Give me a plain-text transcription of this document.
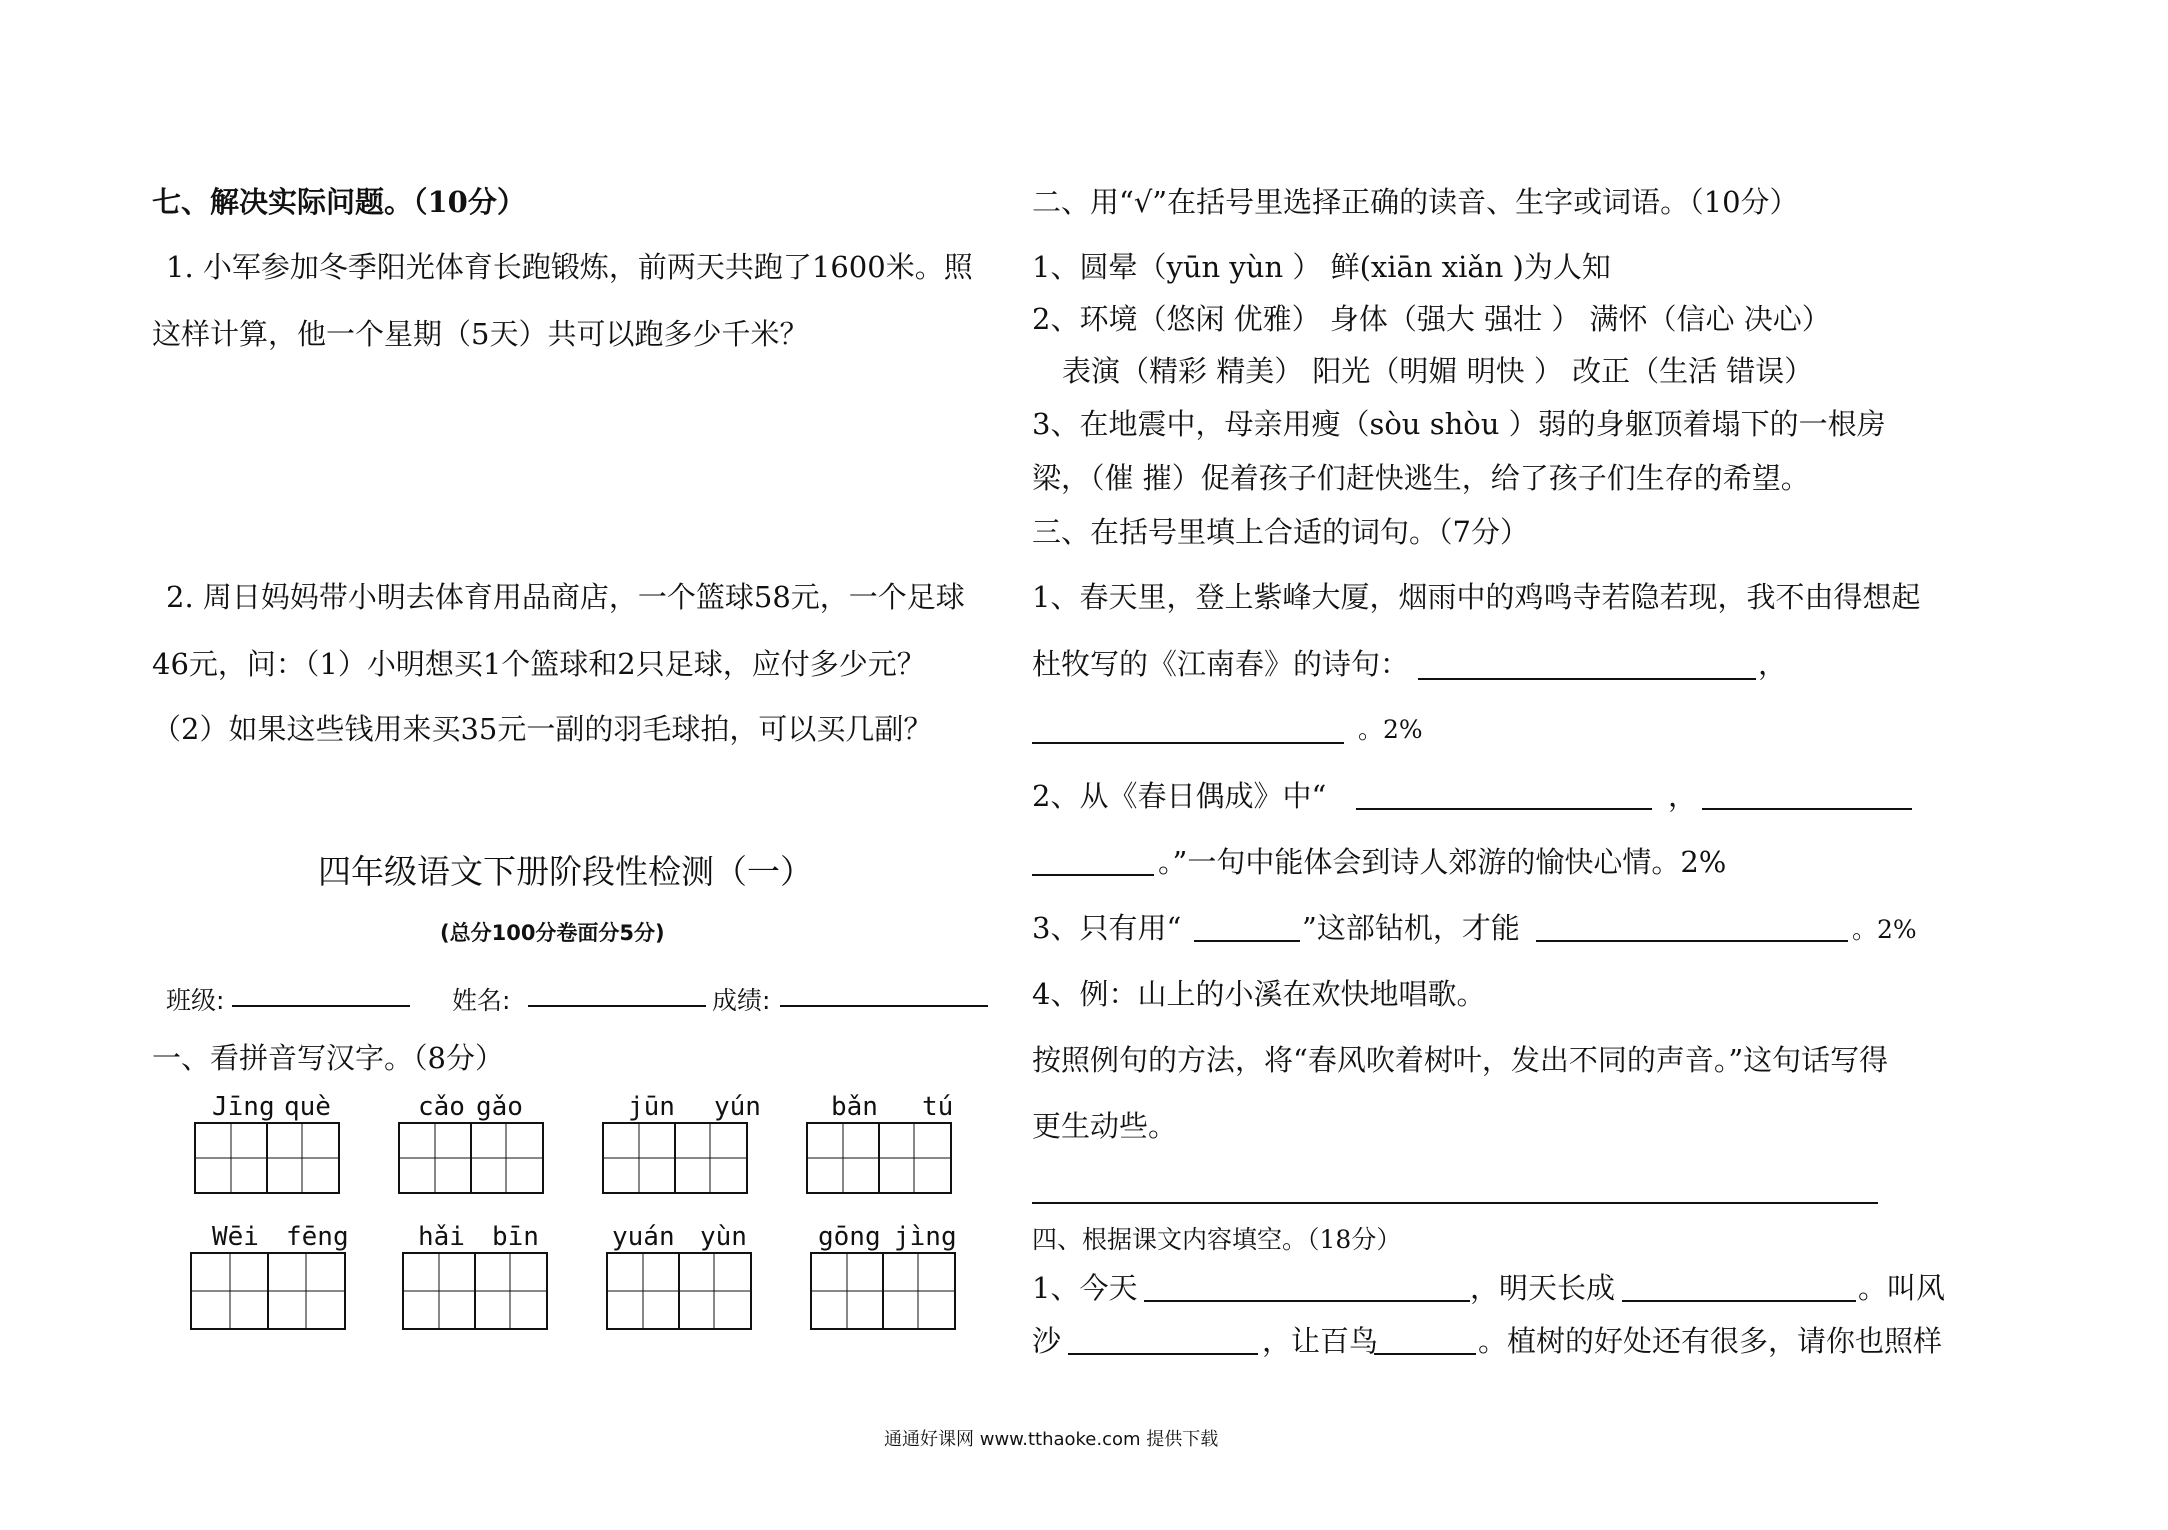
七、解决实际问题。（10分）
1. 小军参加冬季阳光体育长跑锻炼，前两天共跑了1600米。照
这样计算，他一个星期（5天）共可以跑多少千米？
2. 周日妈妈带小明去体育用品商店，一个篮球58元，一个足球
46元，问：（1）小明想买1个篮球和2只足球，应付多少元？
（2）如果这些钱用来买35元一副的羽毛球拍，可以买几副？
四年级语文下册阶段性检测（一）
(总分100分卷面分5分)
班级:	姓名:	成绩:
一、看拼音写汉字。（8分）
Jīng què	cǎo gǎo	jūn yún	bǎn tú
Wēi fēng	hǎi bīn	yuán yùn	gōng jìng
二、用“√”在括号里选择正确的读音、生字或词语。（10分）
1、圆晕（yūn yùn ） 鲜(xiān xiǎn )为人知
2、环境（悠闲 优雅） 身体（强大 强壮 ） 满怀（信心 决心）
表演（精彩 精美） 阳光（明媚 明快 ） 改正（生活 错误）
3、在地震中，母亲用瘦（sòu shòu ）弱的身躯顶着塌下的一根房
梁，（催 摧）促着孩子们赶快逃生，给了孩子们生存的希望。
三、在括号里填上合适的词句。（7分）
1、春天里，登上紫峰大厦，烟雨中的鸡鸣寺若隐若现，我不由得想起
杜牧写的《江南春》的诗句：	，
。2%
2、从《春日偶成》中“	，
。”一句中能体会到诗人郊游的愉快心情。2%
3、只有用“	”这部钻机，才能	。2%
4、例：山上的小溪在欢快地唱歌。
按照例句的方法，将“春风吹着树叶，发出不同的声音。”这句话写得
更生动些。
四、根据课文内容填空。（18分）
1、今天	，明天长成	。叫风
沙	，让百鸟	。植树的好处还有很多，请你也照样
通通好课网 www.tthaoke.com 提供下载
